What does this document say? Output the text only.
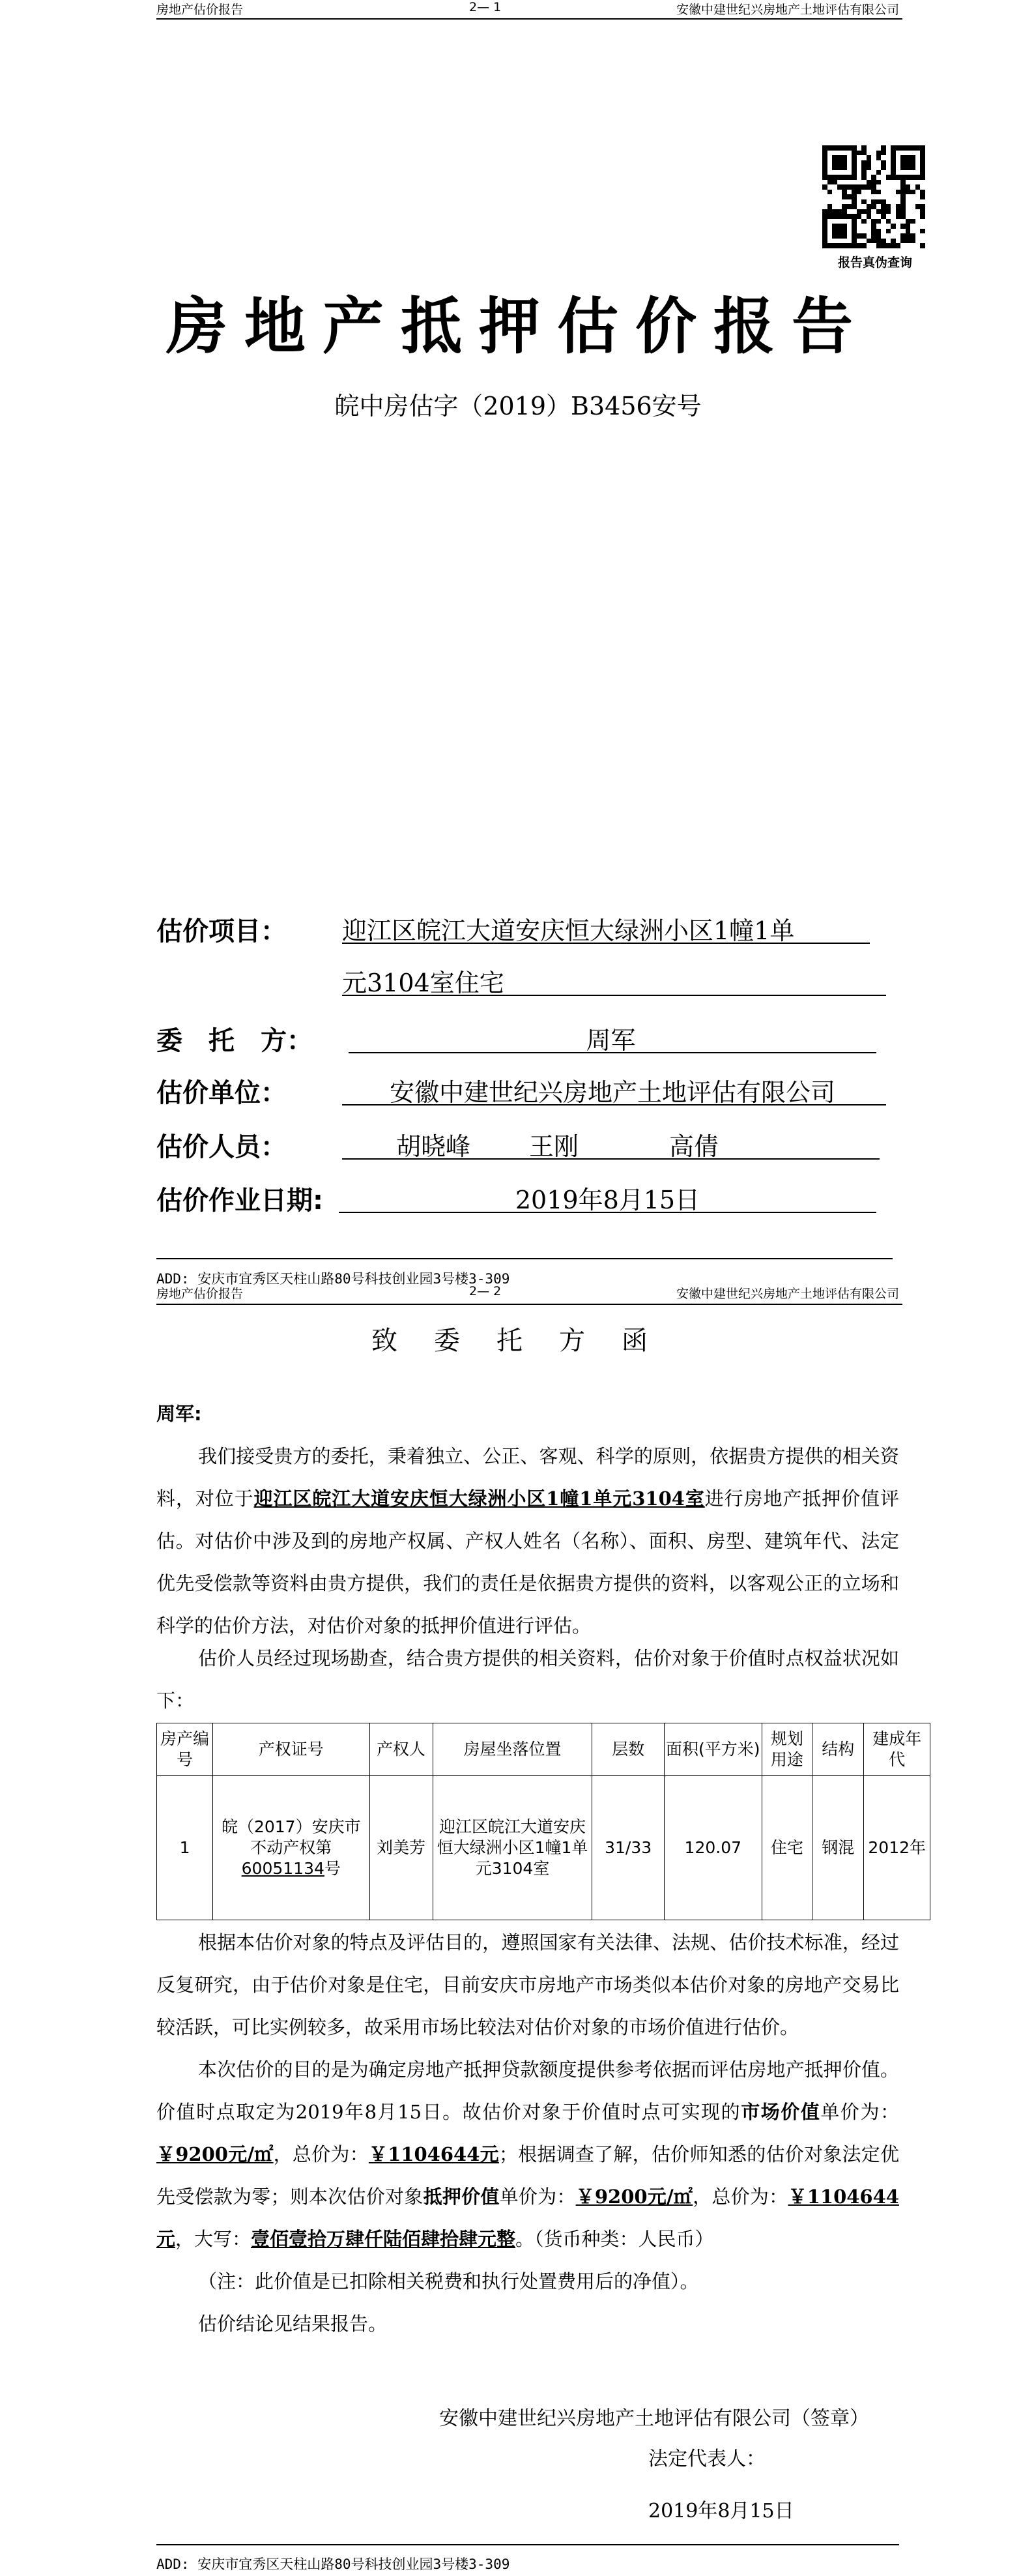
房地产估价报告	2— 1	安徽中建世纪兴房地产土地评估有限公司
报告真伪查询
房地产抵押估价报告
皖中房估字（2019）B3456安号
估价项目： 迎江区皖江大道安庆恒大绿洲小区1幢1单
元3104室住宅
委　托　方：	周军
估价单位：	安徽中建世纪兴房地产土地评估有限公司
估价人员：	胡晓峰	王刚	高倩
估价作业日期:	2019年8月15日
ADD: 安庆市宜秀区天柱山路80号科技创业园3号楼3-309
房地产估价报告	2— 2	安徽中建世纪兴房地产土地评估有限公司
致委托方函
周军:
我们接受贵方的委托，秉着独立、公正、客观、科学的原则，依据贵方提供的相关资料，对位于迎江区皖江大道安庆恒大绿洲小区1幢1单元3104室进行房地产抵押价值评估。对估价中涉及到的房地产权属、产权人姓名（名称）、面积、房型、建筑年代、法定优先受偿款等资料由贵方提供，我们的责任是依据贵方提供的资料，以客观公正的立场和科学的估价方法，对估价对象的抵押价值进行评估。
估价人员经过现场勘查，结合贵方提供的相关资料，估价对象于价值时点权益状况如下：
房产编号	产权证号	产权人	房屋坐落位置	层数	面积(平方米)	规划用途	结构	建成年代
1	皖（2017）安庆市不动产权第60051134号	刘美芳	迎江区皖江大道安庆恒大绿洲小区1幢1单元3104室	31/33	120.07	住宅	钢混	2012年
根据本估价对象的特点及评估目的，遵照国家有关法律、法规、估价技术标准，经过反复研究，由于估价对象是住宅，目前安庆市房地产市场类似本估价对象的房地产交易比较活跃，可比实例较多，故采用市场比较法对估价对象的市场价值进行估价。
本次估价的目的是为确定房地产抵押贷款额度提供参考依据而评估房地产抵押价值。价值时点取定为2019年8月15日。故估价对象于价值时点可实现的市场价值单价为：￥9200元/㎡，总价为：￥1104644元；根据调查了解，估价师知悉的估价对象法定优先受偿款为零；则本次估价对象抵押价值单价为：￥9200元/㎡，总价为：￥1104644元，大写：壹佰壹拾万肆仟陆佰肆拾肆元整。（货币种类：人民币）
（注：此价值是已扣除相关税费和执行处置费用后的净值）。
估价结论见结果报告。
安徽中建世纪兴房地产土地评估有限公司（签章）
法定代表人：
2019年8月15日
ADD: 安庆市宜秀区天柱山路80号科技创业园3号楼3-309
